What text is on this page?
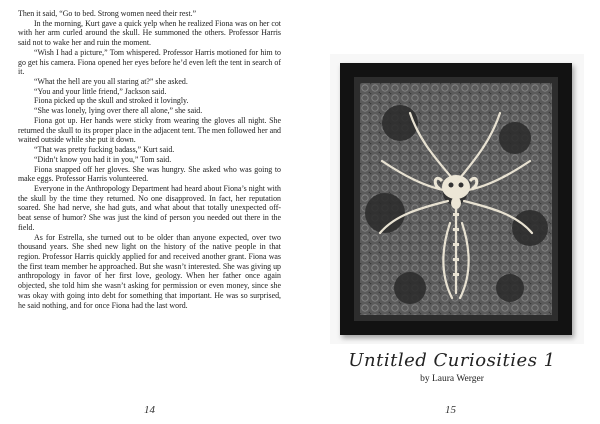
Then it said, “Go to bed. Strong women need their rest.”

In the morning, Kurt gave a quick yelp when he realized Fiona was on her cot with her arm curled around the skull. He summoned the others. Professor Harris said not to wake her and ruin the moment.

“Wish I had a picture,” Tom whispered. Professor Harris motioned for him to go get his camera. Fiona opened her eyes before he’d even left the tent in search of it.

“What the hell are you all staring at?” she asked.

“You and your little friend,” Jackson said.

Fiona picked up the skull and stroked it lovingly.

“She was lonely, lying over there all alone,” she said.

Fiona got up. Her hands were sticky from wearing the gloves all night. She returned the skull to its proper place in the adjacent tent. The men followed her and waited outside while she put it down.

“That was pretty fucking badass,” Kurt said.

“Didn’t know you had it in you,” Tom said.

Fiona snapped off her gloves. She was hungry. She asked who was going to make eggs. Professor Harris volunteered.

Everyone in the Anthropology Department had heard about Fiona’s night with the skull by the time they returned. No one disapproved. In fact, her reputation soared. She had nerve, she had guts, and what about that totally unexpected off-beat sense of humor? She was just the kind of person you needed out there in the field.

As for Estrella, she turned out to be older than anyone expected, over two thousand years. She shed new light on the history of the native people in that region. Professor Harris quickly applied for and received another grant. Fiona was the first team member he approached. But she wasn’t interested. She was giving up anthropology in favor of her first love, geology. When her father once again objected, she told him she wasn’t asking for permission or even money, since she was okay with going into debt for something that important. He was so surprised, he said nothing, and for once Fiona had the last word.

14
Untitled Curiosities 1
by Laura Werger
15
